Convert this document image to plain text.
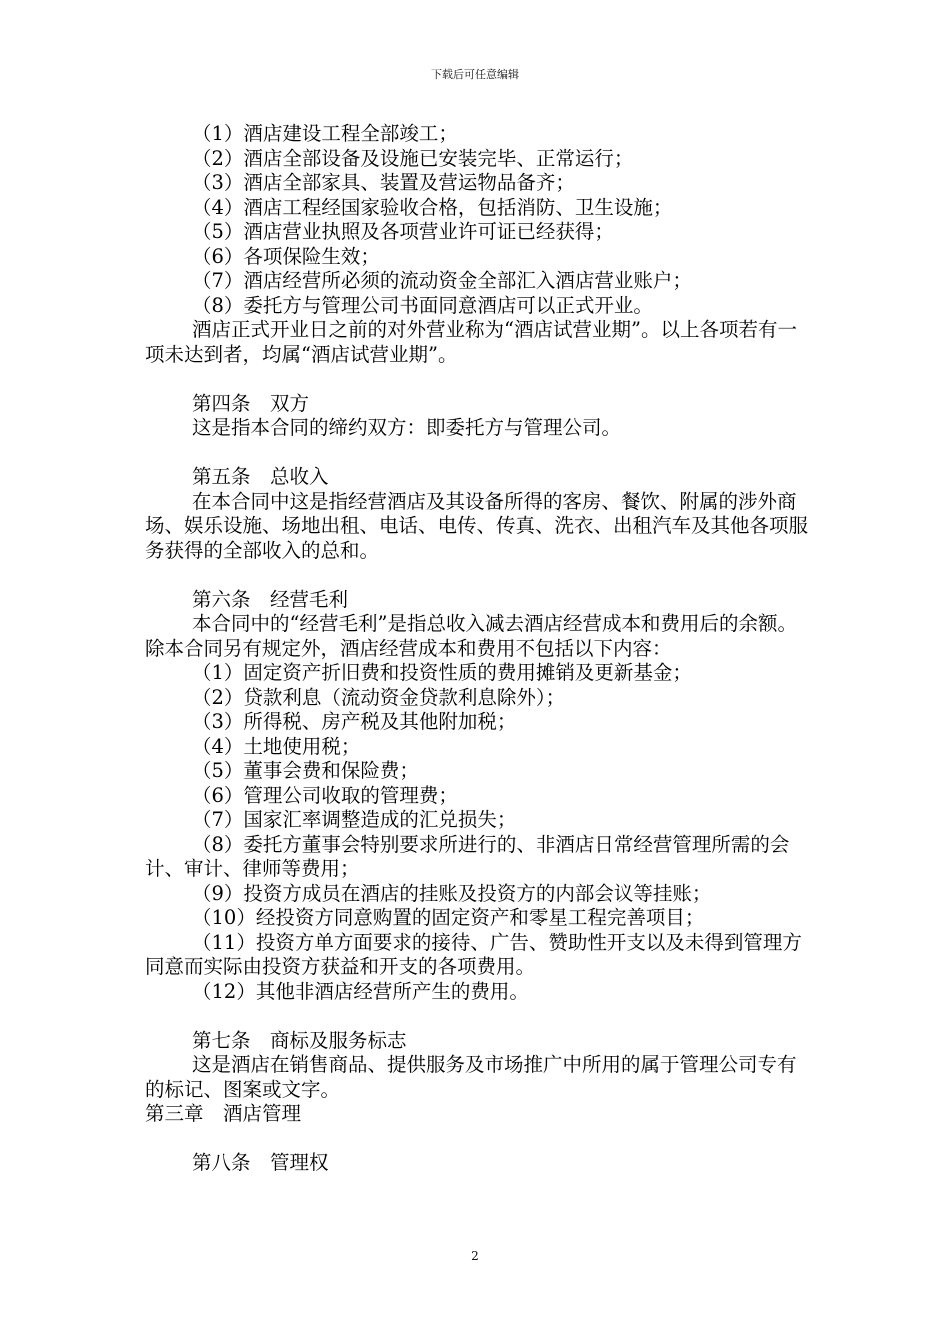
下载后可任意编辑

（1）酒店建设工程全部竣工；

（2）酒店全部设备及设施已安装完毕、正常运行；

（3）酒店全部家具、装置及营运物品备齐；

（4）酒店工程经国家验收合格，包括消防、卫生设施；

（5）酒店营业执照及各项营业许可证已经获得；

（6）各项保险生效；

（7）酒店经营所必须的流动资金全部汇入酒店营业账户；

（8）委托方与管理公司书面同意酒店可以正式开业。

酒店正式开业日之前的对外营业称为“酒店试营业期”。以上各项若有一项未达到者，均属“酒店试营业期”。

第四条　双方

这是指本合同的缔约双方：即委托方与管理公司。

第五条　总收入

在本合同中这是指经营酒店及其设备所得的客房、餐饮、附属的涉外商场、娱乐设施、场地出租、电话、电传、传真、洗衣、出租汽车及其他各项服务获得的全部收入的总和。

第六条　经营毛利

本合同中的“经营毛利”是指总收入减去酒店经营成本和费用后的余额。除本合同另有规定外，酒店经营成本和费用不包括以下内容：

（1）固定资产折旧费和投资性质的费用摊销及更新基金；

（2）贷款利息（流动资金贷款利息除外）；

（3）所得税、房产税及其他附加税；

（4）土地使用税；

（5）董事会费和保险费；

（6）管理公司收取的管理费；

（7）国家汇率调整造成的汇兑损失；

（8）委托方董事会特别要求所进行的、非酒店日常经营管理所需的会计、审计、律师等费用；

（9）投资方成员在酒店的挂账及投资方的内部会议等挂账；

（10）经投资方同意购置的固定资产和零星工程完善项目；

（11）投资方单方面要求的接待、广告、赞助性开支以及未得到管理方同意而实际由投资方获益和开支的各项费用。

（12）其他非酒店经营所产生的费用。

第七条　商标及服务标志

这是酒店在销售商品、提供服务及市场推广中所用的属于管理公司专有的标记、图案或文字。

第三章　酒店管理

第八条　管理权

2
